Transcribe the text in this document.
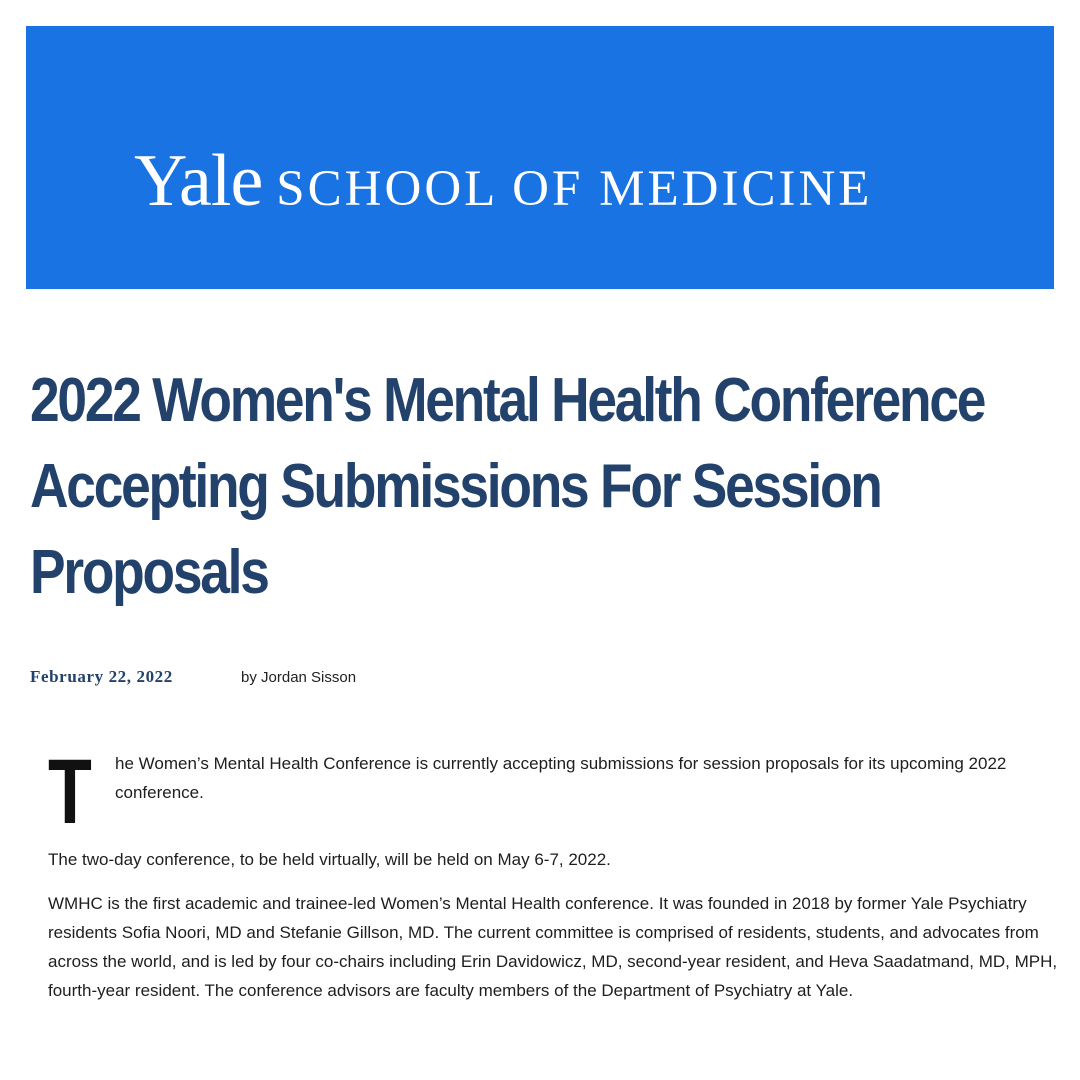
Yale SCHOOL OF MEDICINE
2022 Women's Mental Health Conference Accepting Submissions For Session Proposals
February 22, 2022	by Jordan Sisson
T he Women’s Mental Health Conference is currently accepting submissions for session proposals for its upcoming 2022 conference.

The two-day conference, to be held virtually, will be held on May 6-7, 2022.

WMHC is the first academic and trainee-led Women’s Mental Health conference. It was founded in 2018 by former Yale Psychiatry residents Sofia Noori, MD and Stefanie Gillson, MD. The current committee is comprised of residents, students, and advocates from across the world, and is led by four co-chairs including Erin Davidowicz, MD, second-year resident, and Heva Saadatmand, MD, MPH, fourth-year resident. The conference advisors are faculty members of the Department of Psychiatry at Yale.
